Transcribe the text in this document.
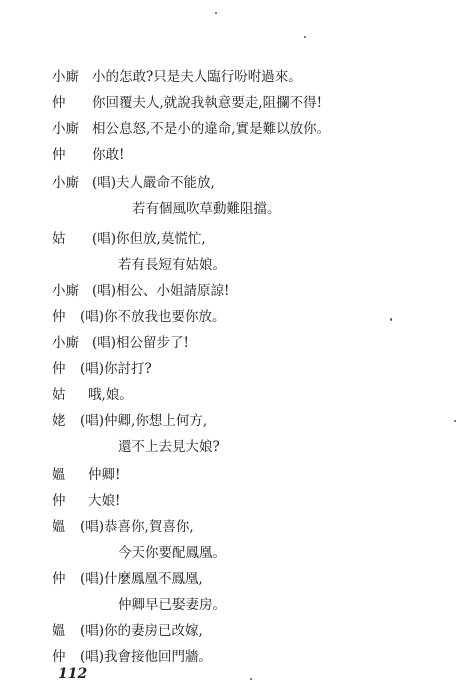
小廝 小的怎敢?只是夫人臨行吩咐過來。
仲 你回覆夫人,就說我執意要走,阻攔不得!
小廝 相公息怒,不是小的違命,實是難以放你。
仲 你敢!
小廝 (唱)夫人嚴命不能放,
若有個風吹草動難阻擋。
姑 (唱)你但放,莫慌忙,
若有長短有姑娘。
小廝 (唱)相公、小姐請原諒!
仲 (唱)你不放我也要你放。
小廝 (唱)相公留步了!
仲 (唱)你討打?
姑 哦,娘。
姥 (唱)仲卿,你想上何方,
還不上去見大娘?
媼 仲卿!
仲 大娘!
媼 (唱)恭喜你,賀喜你,
今天你要配鳳凰。
仲 (唱)什麼鳳凰不鳳凰,
仲卿早已娶妻房。
媼 (唱)你的妻房已改嫁,
仲 (唱)我會接他回門牆。
112
